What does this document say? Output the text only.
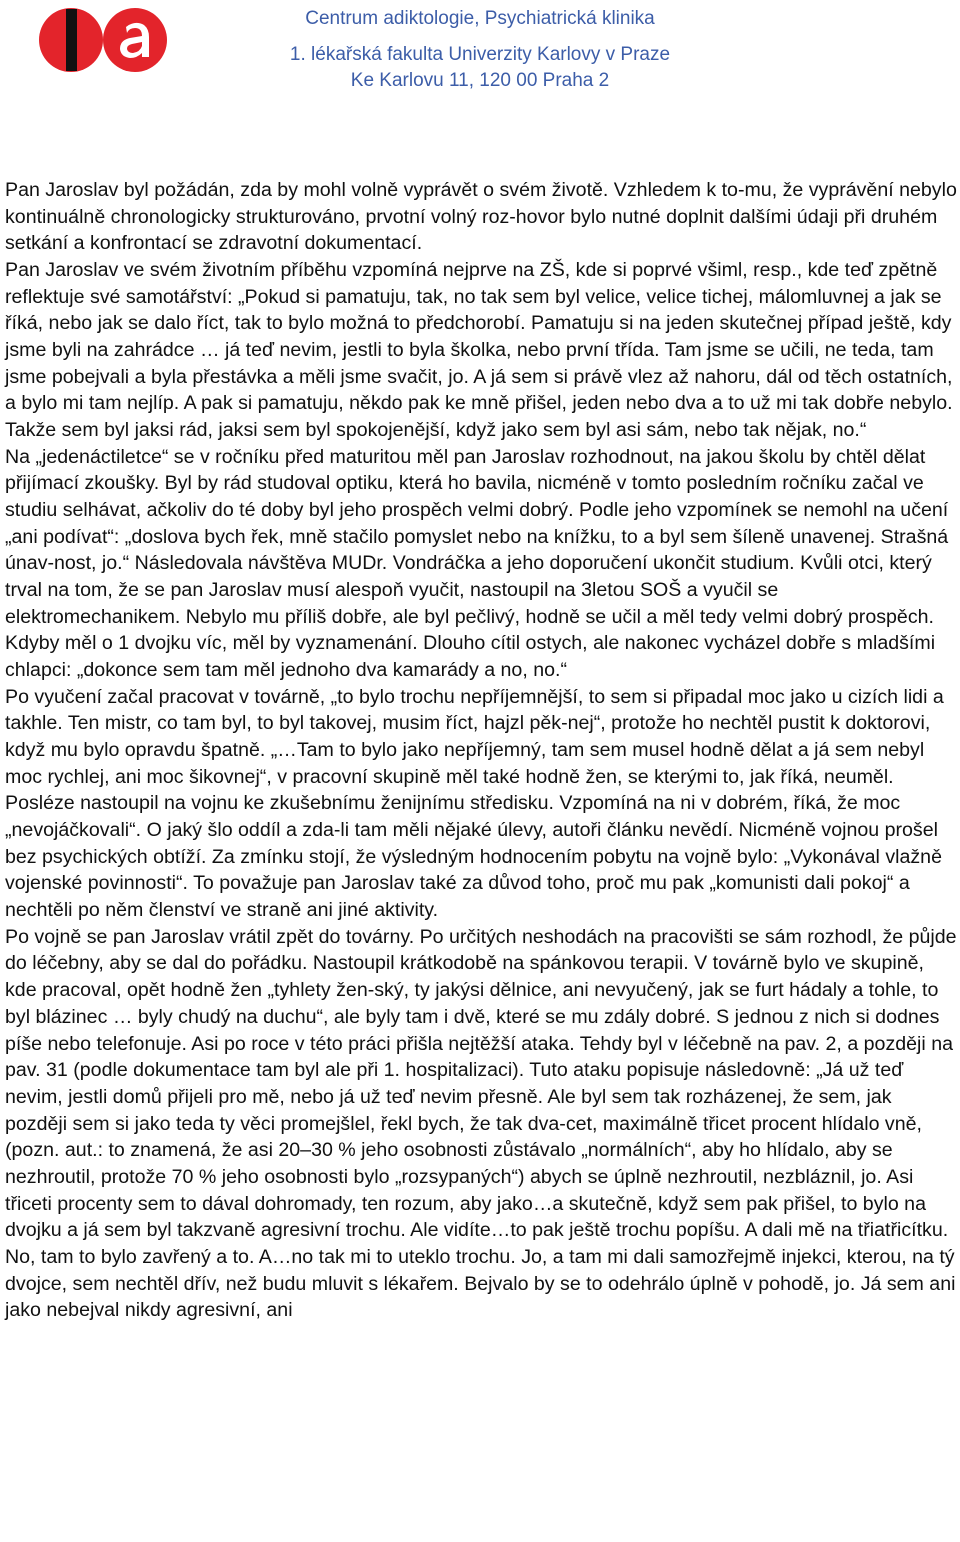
Centrum adiktologie, Psychiatrická klinika
1. lékařská fakulta Univerzity Karlovy v Praze
Ke Karlovu 11, 120 00 Praha 2

Pan Jaroslav byl požádán, zda by mohl volně vyprávět o svém životě. Vzhledem k to-mu, že vyprávění nebylo kontinuálně chronologicky strukturováno, prvotní volný roz-hovor bylo nutné doplnit dalšími údaji při druhém setkání a konfrontací se zdravotní dokumentací.

Pan Jaroslav ve svém životním příběhu vzpomíná nejprve na ZŠ, kde si poprvé všiml, resp., kde teď zpětně reflektuje své samotářství: „Pokud si pamatuju, tak, no tak sem byl velice, velice tichej, málomluvnej a jak se říká, nebo jak se dalo říct, tak to bylo možná to předchorobí. Pamatuju si na jeden skutečnej případ ještě, kdy jsme byli na zahrádce … já teď nevim, jestli to byla školka, nebo první třída. Tam jsme se učili, ne teda, tam jsme pobejvali a byla přestávka a měli jsme svačit, jo. A já sem si právě vlez až nahoru, dál od těch ostatních, a bylo mi tam nejlíp. A pak si pamatuju, někdo pak ke mně přišel, jeden nebo dva a to už mi tak dobře nebylo. Takže sem byl jaksi rád, jaksi sem byl spokojenější, když jako sem byl asi sám, nebo tak nějak, no.“

Na „jedenáctiletce“ se v ročníku před maturitou měl pan Jaroslav rozhodnout, na jakou školu by chtěl dělat přijímací zkoušky. Byl by rád studoval optiku, která ho bavila, nicméně v tomto posledním ročníku začal ve studiu selhávat, ačkoliv do té doby byl jeho prospěch velmi dobrý. Podle jeho vzpomínek se nemohl na učení „ani podívat“: „doslova bych řek, mně stačilo pomyslet nebo na knížku, to a byl sem šíleně unavenej. Strašná únav-nost, jo.“ Následovala návštěva MUDr. Vondráčka a jeho doporučení ukončit studium. Kvůli otci, který trval na tom, že se pan Jaroslav musí alespoň vyučit, nastoupil na 3letou SOŠ a vyučil se elektromechanikem. Nebylo mu příliš dobře, ale byl pečlivý, hodně se učil a měl tedy velmi dobrý prospěch. Kdyby měl o 1 dvojku víc, měl by vyznamenání. Dlouho cítil ostych, ale nakonec vycházel dobře s mladšími chlapci: „dokonce sem tam měl jednoho dva kamarády a no, no.“

Po vyučení začal pracovat v továrně, „to bylo trochu nepříjemnější, to sem si připadal moc jako u cizích lidi a takhle. Ten mistr, co tam byl, to byl takovej, musim říct, hajzl pěk-nej“, protože ho nechtěl pustit k doktorovi, když mu bylo opravdu špatně. „…Tam to bylo jako nepříjemný, tam sem musel hodně dělat a já sem nebyl moc rychlej, ani moc šikovnej“, v pracovní skupině měl také hodně žen, se kterými to, jak říká, neuměl.

Posléze nastoupil na vojnu ke zkušebnímu ženijnímu středisku. Vzpomíná na ni v dobrém, říká, že moc „nevojáčkovali“. O jaký šlo oddíl a zda-li tam měli nějaké úlevy, autoři článku nevědí. Nicméně vojnou prošel bez psychických obtíží. Za zmínku stojí, že výsledným hodnocením pobytu na vojně bylo: „Vykonával vlažně vojenské povinnosti“. To považuje pan Jaroslav také za důvod toho, proč mu pak „komunisti dali pokoj“ a nechtěli po něm členství ve straně ani jiné aktivity.

Po vojně se pan Jaroslav vrátil zpět do továrny. Po určitých neshodách na pracovišti se sám rozhodl, že půjde do léčebny, aby se dal do pořádku. Nastoupil krátkodobě na spánkovou terapii. V továrně bylo ve skupině, kde pracoval, opět hodně žen „tyhlety žen-ský, ty jakýsi dělnice, ani nevyučený, jak se furt hádaly a tohle, to byl blázinec … byly chudý na duchu“, ale byly tam i dvě, které se mu zdály dobré. S jednou z nich si dodnes píše nebo telefonuje. Asi po roce v této práci přišla nejtěžší ataka. Tehdy byl v léčebně na pav. 2, a později na pav. 31 (podle dokumentace tam byl ale při 1. hospitalizaci). Tuto ataku popisuje následovně: „Já už teď nevim, jestli domů přijeli pro mě, nebo já už teď nevim přesně. Ale byl sem tak rozházenej, že sem, jak později sem si jako teda ty věci promejšlel, řekl bych, že tak dva-cet, maximálně třicet procent hlídalo vně, (pozn. aut.: to znamená, že asi 20–30 % jeho osobnosti zůstávalo „normálních“, aby ho hlídalo, aby se nezhroutil, protože 70 % jeho osobnosti bylo „rozsypaných“) abych se úplně nezhroutil, nezbláznil, jo. Asi třiceti procenty sem to dával dohromady, ten rozum, aby jako…a skutečně, když sem pak přišel, to bylo na dvojku a já sem byl takzvaně agresivní trochu. Ale vidíte…to pak ještě trochu popíšu. A dali mě na třiatřicítku. No, tam to bylo zavřený a to. A…no tak mi to uteklo trochu. Jo, a tam mi dali samozřejmě injekci, kterou, na tý dvojce, sem nechtěl dřív, než budu mluvit s lékařem. Bejvalo by se to odehrálo úplně v pohodě, jo. Já sem ani jako nebejval nikdy agresivní, ani
